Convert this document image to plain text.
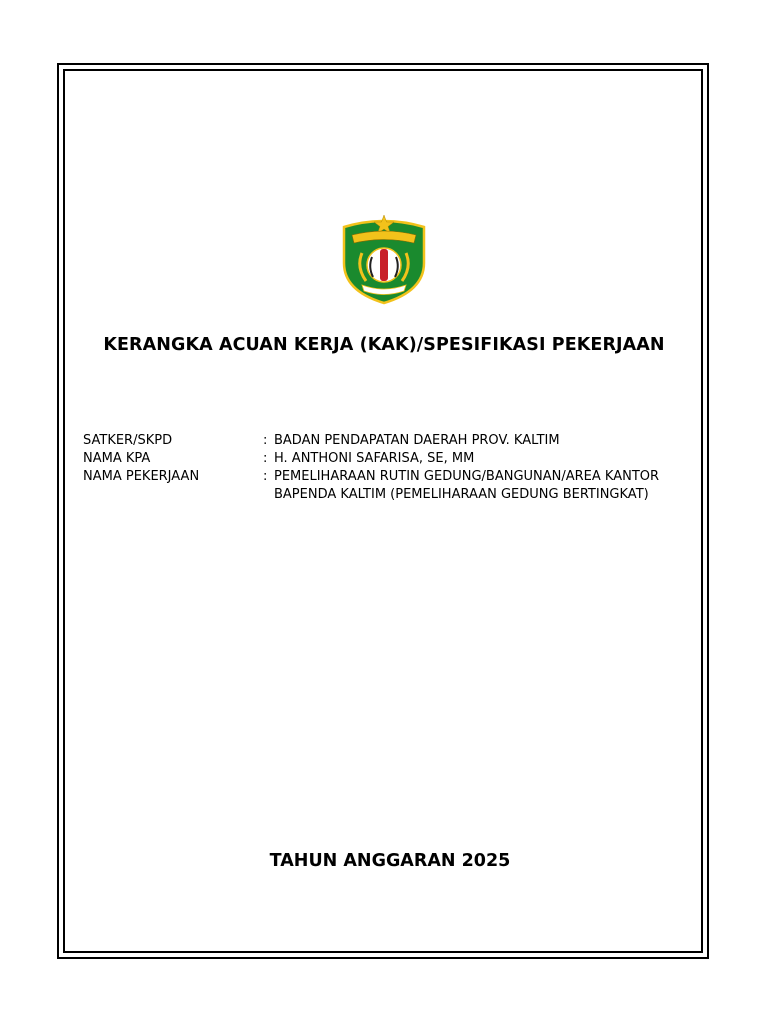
KERANGKA ACUAN KERJA (KAK)/SPESIFIKASI PEKERJAAN
SATKER/SKPD	: BADAN PENDAPATAN DAERAH PROV. KALTIM
NAMA KPA	: H. ANTHONI SAFARISA, SE, MM
NAMA PEKERJAAN	: PEMELIHARAAN RUTIN GEDUNG/BANGUNAN/AREA KANTOR
BAPENDA KALTIM (PEMELIHARAAN GEDUNG BERTINGKAT)
TAHUN ANGGARAN 2025
